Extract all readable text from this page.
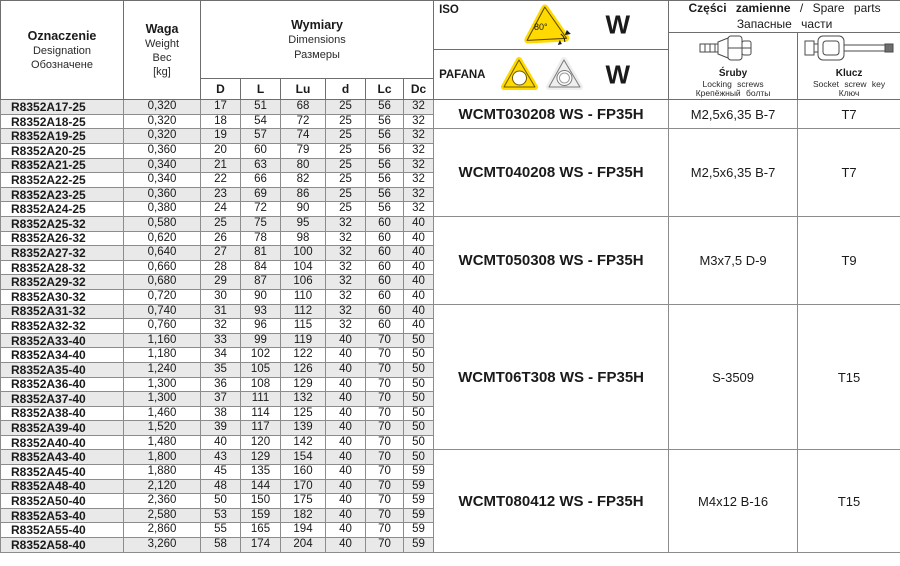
Oznaczenie
Designation
Обозначене

Waga
Weight
Вес
[kg]

Wymiary
Dimensions
Размеры

ISO
80° W

Części zamienne / Spare parts
Запасные части

Śruby
Locking screws
Крепёжный болты

Klucz
Socket screw key
Ключ

								PAFANA W		

		D	L	Lu	d	Lc	Dc			
R8352A17-25	0,320	17	51	68	25	56	32	WCMT030208 WS - FP35H	M2,5x6,35 B-7	T7
R8352A18-25	0,320	18	54	72	25	56	32			
R8352A19-25	0,320	19	57	74	25	56	32	WCMT040208 WS - FP35H	M2,5x6,35 B-7	T7
R8352A20-25	0,360	20	60	79	25	56	32			
R8352A21-25	0,340	21	63	80	25	56	32			
R8352A22-25	0,340	22	66	82	25	56	32			
R8352A23-25	0,360	23	69	86	25	56	32			
R8352A24-25	0,380	24	72	90	25	56	32			
R8352A25-32	0,580	25	75	95	32	60	40	WCMT050308 WS - FP35H	M3x7,5 D-9	T9
R8352A26-32	0,620	26	78	98	32	60	40			
R8352A27-32	0,640	27	81	100	32	60	40			
R8352A28-32	0,660	28	84	104	32	60	40			
R8352A29-32	0,680	29	87	106	32	60	40			
R8352A30-32	0,720	30	90	110	32	60	40			
R8352A31-32	0,740	31	93	112	32	60	40	WCMT06T308 WS - FP35H	S-3509	T15
R8352A32-32	0,760	32	96	115	32	60	40			
R8352A33-40	1,160	33	99	119	40	70	50			
R8352A34-40	1,180	34	102	122	40	70	50			
R8352A35-40	1,240	35	105	126	40	70	50			
R8352A36-40	1,300	36	108	129	40	70	50			
R8352A37-40	1,300	37	111	132	40	70	50			
R8352A38-40	1,460	38	114	125	40	70	50			
R8352A39-40	1,520	39	117	139	40	70	50			
R8352A40-40	1,480	40	120	142	40	70	50			
R8352A43-40	1,800	43	129	154	40	70	50	WCMT080412 WS - FP35H	M4x12 B-16	T15
R8352A45-40	1,880	45	135	160	40	70	59			
R8352A48-40	2,120	48	144	170	40	70	59			
R8352A50-40	2,360	50	150	175	40	70	59			
R8352A53-40	2,580	53	159	182	40	70	59			
R8352A55-40	2,860	55	165	194	40	70	59			
R8352A58-40	3,260	58	174	204	40	70	59			
